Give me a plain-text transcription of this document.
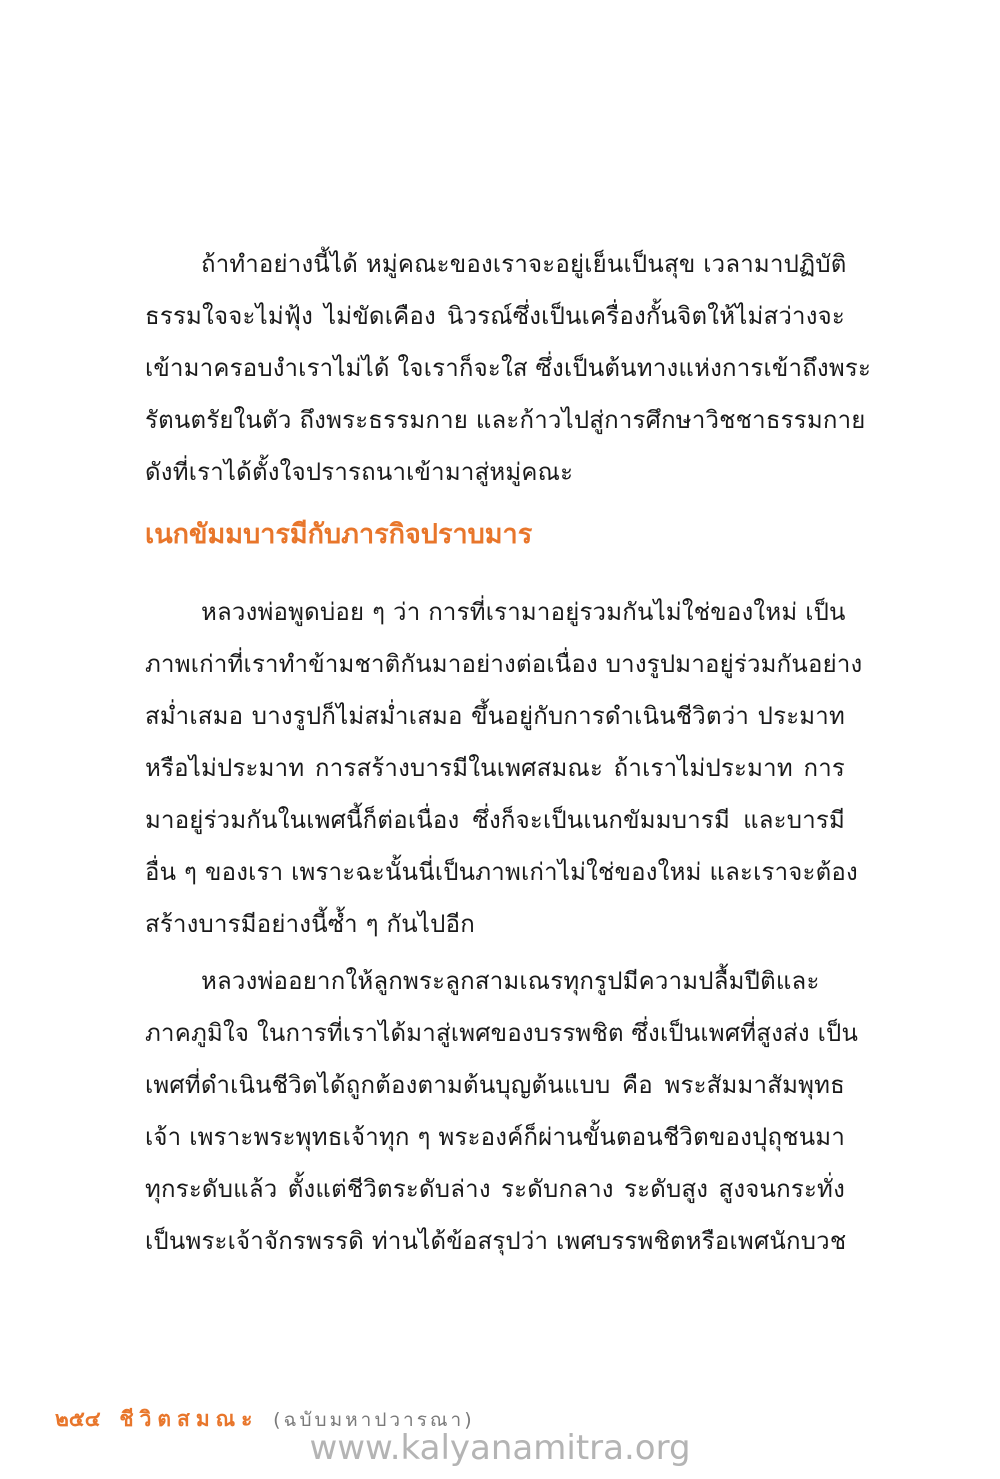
ถ้าทำอย่างนี้ได้ หมู่คณะของเราจะอยู่เย็นเป็นสุข เวลามาปฏิบัติ
ธรรมใจจะไม่ฟุ้ง ไม่ขัดเคือง นิวรณ์ซึ่งเป็นเครื่องกั้นจิตให้ไม่สว่างจะ
เข้ามาครอบงำเราไม่ได้ ใจเราก็จะใส ซึ่งเป็นต้นทางแห่งการเข้าถึงพระ
รัตนตรัยในตัว ถึงพระธรรมกาย และก้าวไปสู่การศึกษาวิชชาธรรมกาย
ดังที่เราได้ตั้งใจปรารถนาเข้ามาสู่หมู่คณะ
เนกขัมมบารมีกับภารกิจปราบมาร
หลวงพ่อพูดบ่อย ๆ ว่า การที่เรามาอยู่รวมกันไม่ใช่ของใหม่ เป็น
ภาพเก่าที่เราทำข้ามชาติกันมาอย่างต่อเนื่อง บางรูปมาอยู่ร่วมกันอย่าง
สม่ำเสมอ บางรูปก็ไม่สม่ำเสมอ ขึ้นอยู่กับการดำเนินชีวิตว่า ประมาท
หรือไม่ประมาท การสร้างบารมีในเพศสมณะ ถ้าเราไม่ประมาท การ
มาอยู่ร่วมกันในเพศนี้ก็ต่อเนื่อง ซึ่งก็จะเป็นเนกขัมมบารมี และบารมี
อื่น ๆ ของเรา เพราะฉะนั้นนี่เป็นภาพเก่าไม่ใช่ของใหม่ และเราจะต้อง
สร้างบารมีอย่างนี้ซ้ำ ๆ กันไปอีก
หลวงพ่ออยากให้ลูกพระลูกสามเณรทุกรูปมีความปลื้มปีติและ
ภาคภูมิใจ ในการที่เราได้มาสู่เพศของบรรพชิต ซึ่งเป็นเพศที่สูงส่ง เป็น
เพศที่ดำเนินชีวิตได้ถูกต้องตามต้นบุญต้นแบบ คือ พระสัมมาสัมพุทธ
เจ้า เพราะพระพุทธเจ้าทุก ๆ พระองค์ก็ผ่านขั้นตอนชีวิตของปุถุชนมา
ทุกระดับแล้ว ตั้งแต่ชีวิตระดับล่าง ระดับกลาง ระดับสูง สูงจนกระทั่ง
เป็นพระเจ้าจักรพรรดิ ท่านได้ข้อสรุปว่า เพศบรรพชิตหรือเพศนักบวช
๒๕๔ ชีวิตสมณะ (ฉบับมหาปวารณา)
www.kalyanamitra.org
